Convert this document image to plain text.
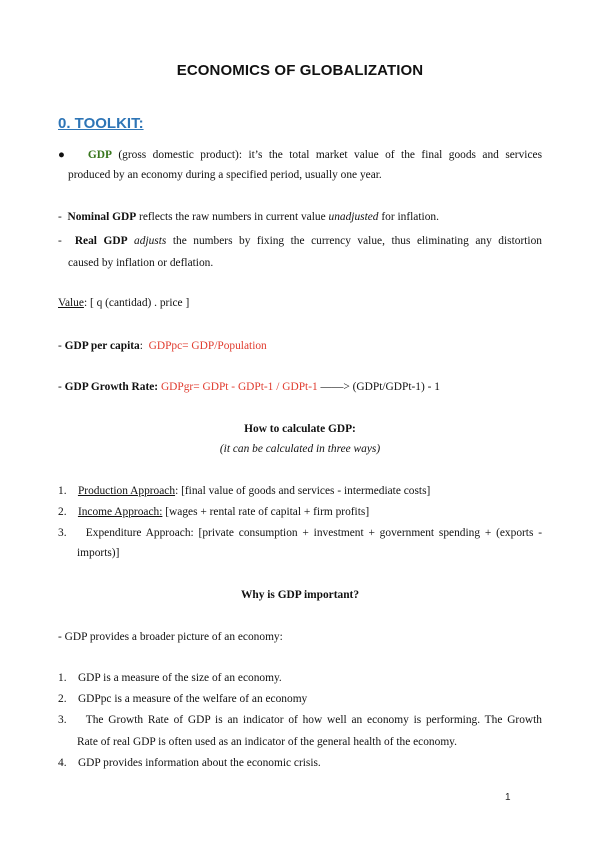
ECONOMICS OF GLOBALIZATION
0. TOOLKIT:
● GDP (gross domestic product): it’s the total market value of the final goods and services
produced by an economy during a specified period, usually one year.
- Nominal GDP reflects the raw numbers in current value unadjusted for inflation.
- Real GDP adjusts the numbers by fixing the currency value, thus eliminating any distortion
caused by inflation or deflation.
Value: [ q (cantidad) . price ]
- GDP per capita: GDPpc= GDP/Population
- GDP Growth Rate: GDPgr= GDPt - GDPt-1 / GDPt-1 ——> (GDPt/GDPt-1) - 1
How to calculate GDP:
(it can be calculated in three ways)
1. Production Approach: [final value of goods and services - intermediate costs]
2. Income Approach: [wages + rental rate of capital + firm profits]
3. Expenditure Approach: [private consumption + investment + government spending + (exports -
imports)]
Why is GDP important?
- GDP provides a broader picture of an economy:
1. GDP is a measure of the size of an economy.
2. GDPpc is a measure of the welfare of an economy
3. The Growth Rate of GDP is an indicator of how well an economy is performing. The Growth
Rate of real GDP is often used as an indicator of the general health of the economy.
4. GDP provides information about the economic crisis.
1
